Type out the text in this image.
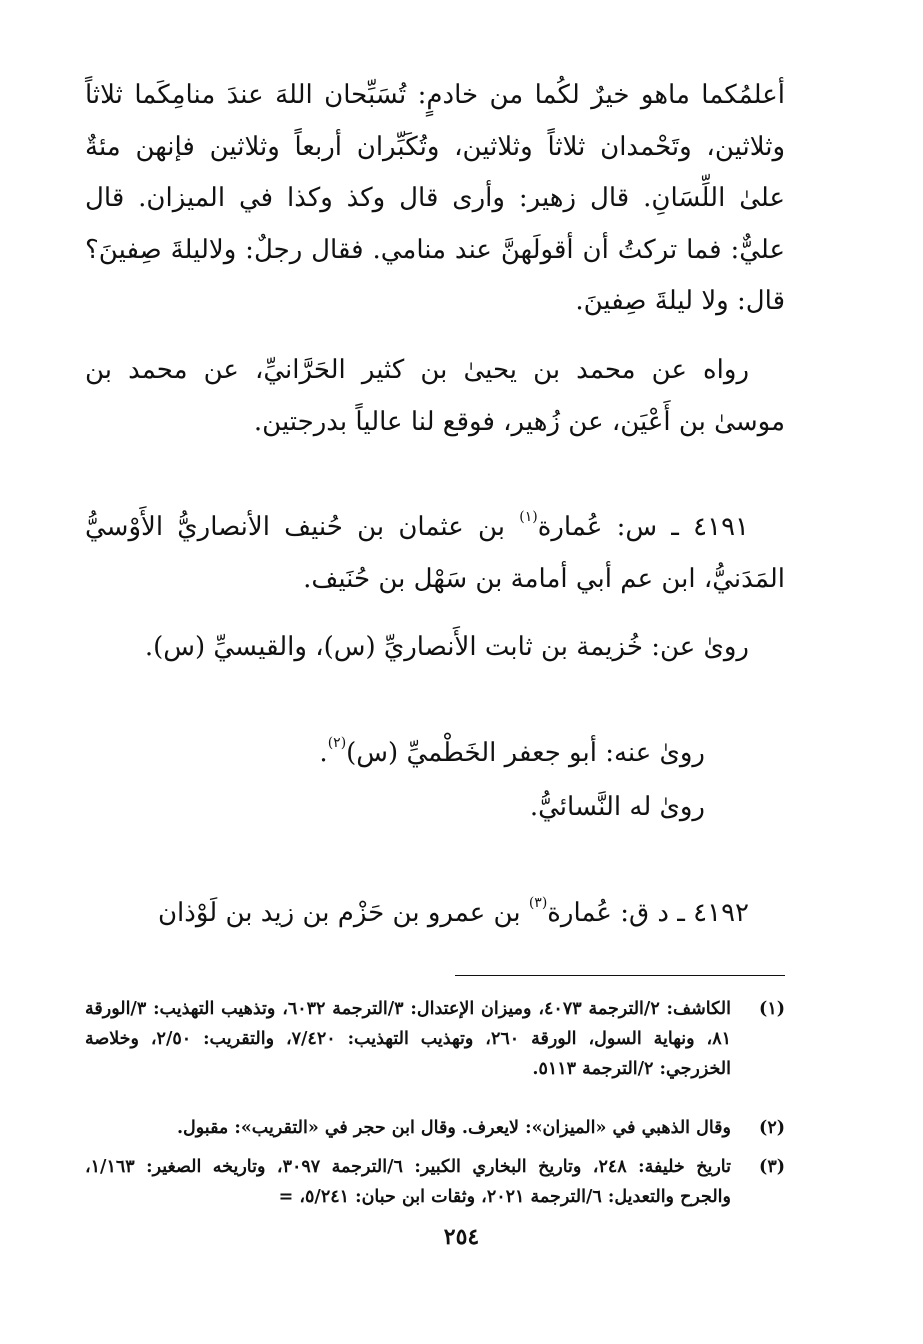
أعلمُكما ماهو خيرٌ لكُما من خادمٍ: تُسَبِّحان اللهَ عندَ منامِكَما ثلاثاً وثلاثين، وتَحْمدان ثلاثاً وثلاثين، وتُكَبِّران أربعاً وثلاثين فإنهن مئةٌ علىٰ اللِّسَانِ. قال زهير: وأرى قال وكذ وكذا في الميزان. قال عليٌّ: فما تركتُ أن أقولَهنَّ عند منامي. فقال رجلٌ: ولاليلةَ صِفينَ؟ قال: ولا ليلةَ صِفينَ.
رواه عن محمد بن يحيىٰ بن كثير الحَرَّانيِّ، عن محمد بن موسىٰ بن أَعْيَن، عن زُهير، فوقع لنا عالياً بدرجتين.
٤١٩١ ـ س: عُمارة$^{(١)}$ بن عثمان بن حُنيف الأنصاريُّ الأَوْسيُّ المَدَنيُّ، ابن عم أبي أمامة بن سَهْل بن حُنَيف.
روىٰ عن: خُزيمة بن ثابت الأَنصاريِّ (س)، والقيسيِّ (س).
روىٰ عنه: أبو جعفر الخَطْميِّ (س)$^{(٢)}$.
روىٰ له النَّسائيُّ.
٤١٩٢ ـ د ق: عُمارة$^{(٣)}$ بن عمرو بن حَزْم بن زيد بن لَوْذان
(١)
الكاشف: ٢/الترجمة ٤٠٧٣، وميزان الإعتدال: ٣/الترجمة ٦٠٣٢، وتذهيب التهذيب: ٣/الورقة ٨١، ونهاية السول، الورقة ٢٦٠، وتهذيب التهذيب: ٧/٤٢٠، والتقريب: ٢/٥٠، وخلاصة الخزرجي: ٢/الترجمة ٥١١٣.
(٢)
وقال الذهبي في «الميزان»: لايعرف. وقال ابن حجر في «التقريب»: مقبول.
(٣)
تاريخ خليفة: ٢٤٨، وتاريخ البخاري الكبير: ٦/الترجمة ٣٠٩٧، وتاريخه الصغير: ١/١٦٣، والجرح والتعديل: ٦/الترجمة ٢٠٢١، وثقات ابن حبان: ٥/٢٤١، =
٢٥٤
